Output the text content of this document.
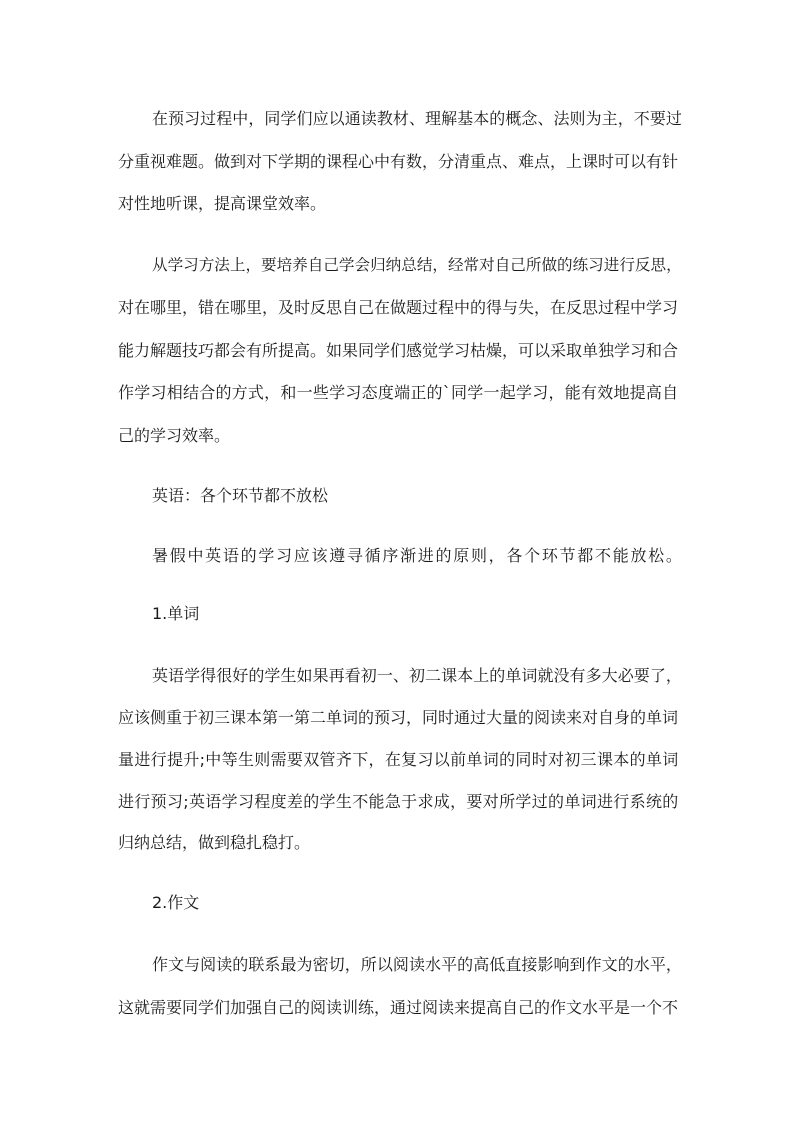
在预习过程中，同学们应以通读教材、理解基本的概念、法则为主，不要过
分重视难题。做到对下学期的课程心中有数，分清重点、难点，上课时可以有针
对性地听课，提高课堂效率。
从学习方法上，要培养自己学会归纳总结，经常对自己所做的练习进行反思，
对在哪里，错在哪里，及时反思自己在做题过程中的得与失，在反思过程中学习
能力解题技巧都会有所提高。如果同学们感觉学习枯燥，可以采取单独学习和合
作学习相结合的方式，和一些学习态度端正的`同学一起学习，能有效地提高自
己的学习效率。
英语：各个环节都不放松
暑假中英语的学习应该遵寻循序渐进的原则，各个环节都不能放松。
1.单词
英语学得很好的学生如果再看初一、初二课本上的单词就没有多大必要了，
应该侧重于初三课本第一第二单词的预习，同时通过大量的阅读来对自身的单词
量进行提升;中等生则需要双管齐下，在复习以前单词的同时对初三课本的单词
进行预习;英语学习程度差的学生不能急于求成，要对所学过的单词进行系统的
归纳总结，做到稳扎稳打。
2.作文
作文与阅读的联系最为密切，所以阅读水平的高低直接影响到作文的水平，
这就需要同学们加强自己的阅读训练，通过阅读来提高自己的作文水平是一个不
